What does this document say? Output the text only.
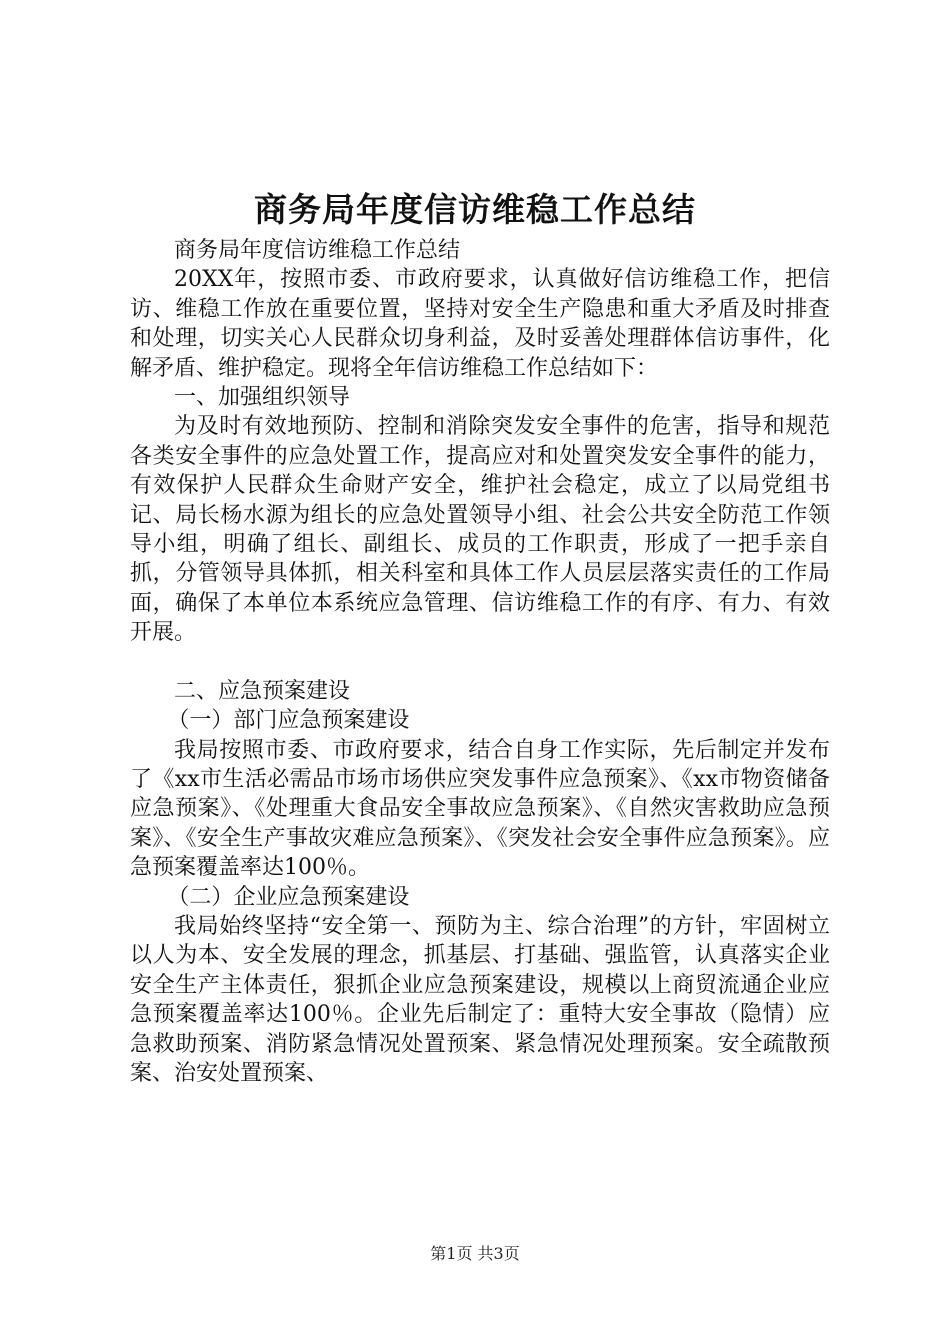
商务局年度信访维稳工作总结

商务局年度信访维稳工作总结

20XX年，按照市委、市政府要求，认真做好信访维稳工作，把信访、维稳工作放在重要位置，坚持对安全生产隐患和重大矛盾及时排查和处理，切实关心人民群众切身利益，及时妥善处理群体信访事件，化解矛盾、维护稳定。现将全年信访维稳工作总结如下：

一、加强组织领导

为及时有效地预防、控制和消除突发安全事件的危害，指导和规范各类安全事件的应急处置工作，提高应对和处置突发安全事件的能力，有效保护人民群众生命财产安全，维护社会稳定，成立了以局党组书记、局长杨水源为组长的应急处置领导小组、社会公共安全防范工作领导小组，明确了组长、副组长、成员的工作职责，形成了一把手亲自抓，分管领导具体抓，相关科室和具体工作人员层层落实责任的工作局面，确保了本单位本系统应急管理、信访维稳工作的有序、有力、有效开展。

二、应急预案建设

（一）部门应急预案建设

我局按照市委、市政府要求，结合自身工作实际，先后制定并发布了《xx市生活必需品市场市场供应突发事件应急预案》、《xx市物资储备应急预案》、《处理重大食品安全事故应急预案》、《自然灾害救助应急预案》、《安全生产事故灾难应急预案》、《突发社会安全事件应急预案》。应急预案覆盖率达100％。

（二）企业应急预案建设

我局始终坚持“安全第一、预防为主、综合治理”的方针，牢固树立以人为本、安全发展的理念，抓基层、打基础、强监管，认真落实企业安全生产主体责任，狠抓企业应急预案建设，规模以上商贸流通企业应急预案覆盖率达100％。企业先后制定了：重特大安全事故（隐情）应急救助预案、消防紧急情况处置预案、紧急情况处理预案。安全疏散预案、治安处置预案、

第1页 共3页
